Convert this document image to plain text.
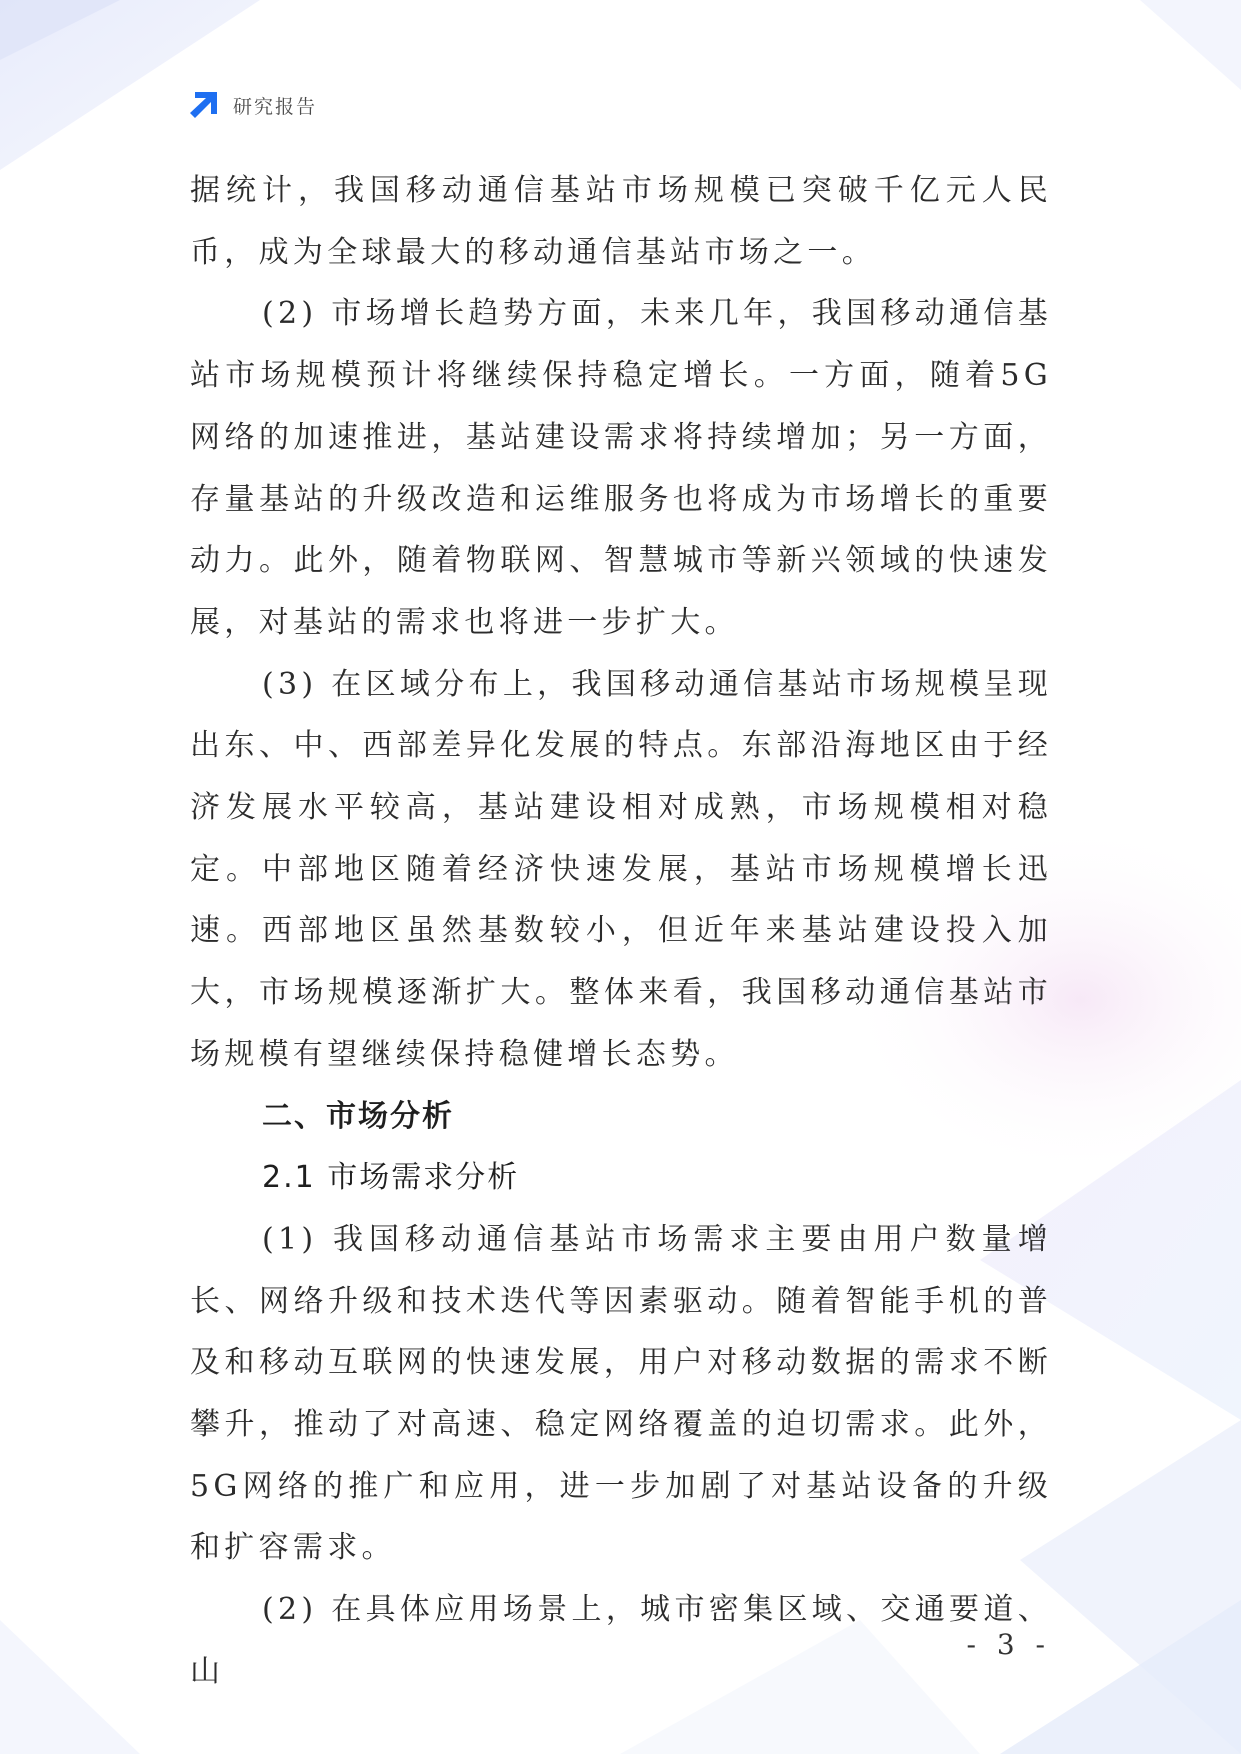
研究报告

据统计，我国移动通信基站市场规模已突破千亿元人民币，成为全球最大的移动通信基站市场之一。

(2) 市场增长趋势方面，未来几年，我国移动通信基站市场规模预计将继续保持稳定增长。一方面，随着5G网络的加速推进，基站建设需求将持续增加；另一方面，存量基站的升级改造和运维服务也将成为市场增长的重要动力。此外，随着物联网、智慧城市等新兴领域的快速发展，对基站的需求也将进一步扩大。

(3) 在区域分布上，我国移动通信基站市场规模呈现出东、中、西部差异化发展的特点。东部沿海地区由于经济发展水平较高，基站建设相对成熟，市场规模相对稳定。中部地区随着经济快速发展，基站市场规模增长迅速。西部地区虽然基数较小，但近年来基站建设投入加大，市场规模逐渐扩大。整体来看，我国移动通信基站市场规模有望继续保持稳健增长态势。

二、市场分析

2.1 市场需求分析

(1) 我国移动通信基站市场需求主要由用户数量增长、网络升级和技术迭代等因素驱动。随着智能手机的普及和移动互联网的快速发展，用户对移动数据的需求不断攀升，推动了对高速、稳定网络覆盖的迫切需求。此外，5G网络的推广和应用，进一步加剧了对基站设备的升级和扩容需求。

(2) 在具体应用场景上，城市密集区域、交通要道、山

- 3 -
